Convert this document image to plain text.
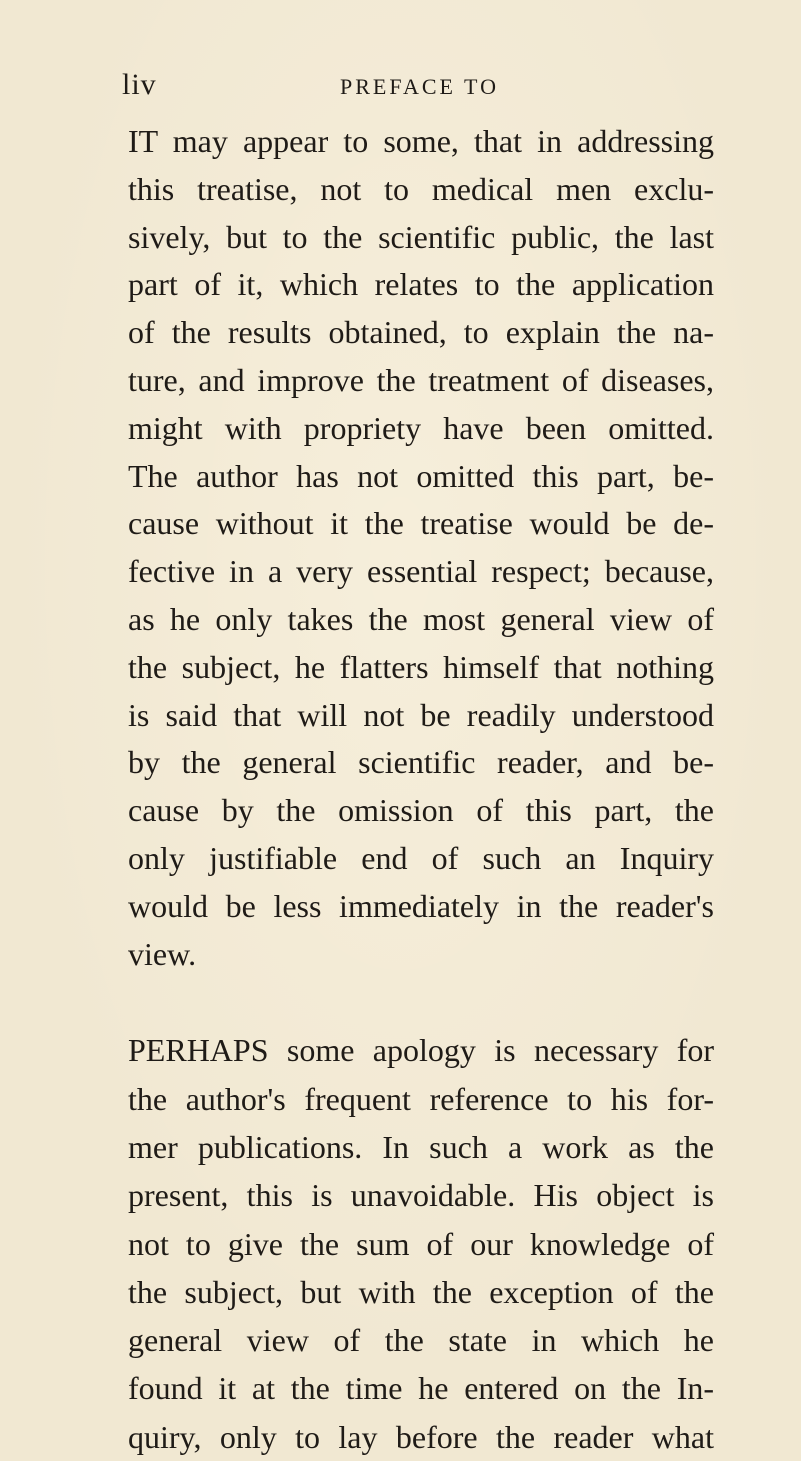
liv	PREFACE TO

IT may appear to some, that in addressing
this treatise, not to medical men exclu-
sively, but to the scientific public, the last
part of it, which relates to the application
of the results obtained, to explain the na-
ture, and improve the treatment of diseases,
might with propriety have been omitted.
The author has not omitted this part, be-
cause without it the treatise would be de-
fective in a very essential respect; because,
as he only takes the most general view of
the subject, he flatters himself that nothing
is said that will not be readily understood
by the general scientific reader, and be-
cause by the omission of this part, the
only justifiable end of such an Inquiry
would be less immediately in the reader's
view.

PERHAPS some apology is necessary for
the author's frequent reference to his for-
mer publications. In such a work as the
present, this is unavoidable. His object is
not to give the sum of our knowledge of
the subject, but with the exception of the
general view of the state in which he
found it at the time he entered on the In-
quiry, only to lay before the reader what
